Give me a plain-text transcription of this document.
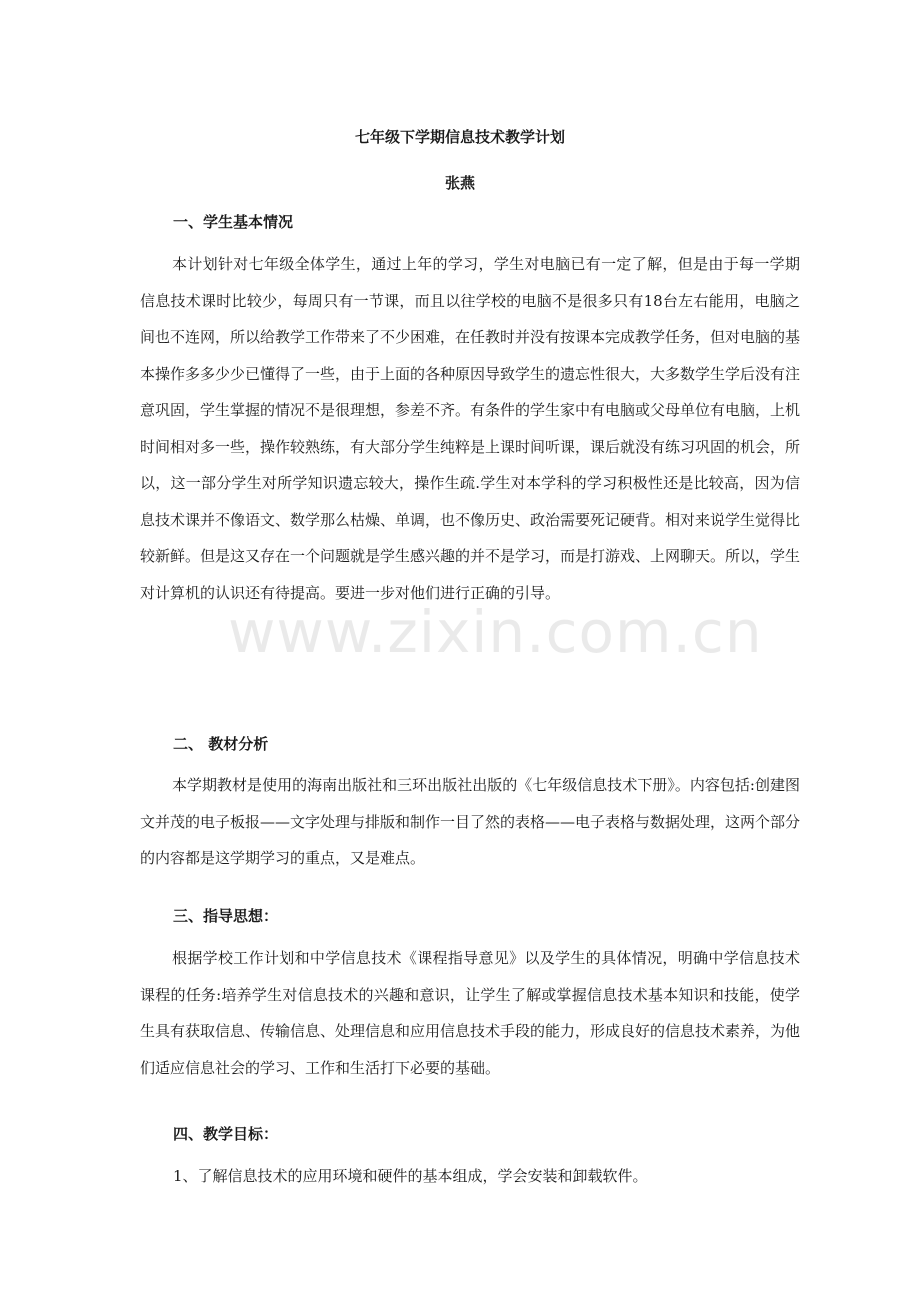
www.zixin.com.cn
七年级下学期信息技术教学计划
张燕
一、学生基本情况

本计划针对七年级全体学生，通过上年的学习，学生对电脑已有一定了解，但是由于每一学期信息技术课时比较少，每周只有一节课，而且以往学校的电脑不是很多只有18台左右能用，电脑之间也不连网，所以给教学工作带来了不少困难，在任教时并没有按课本完成教学任务，但对电脑的基本操作多多少少已懂得了一些，由于上面的各种原因导致学生的遗忘性很大，大多数学生学后没有注意巩固，学生掌握的情况不是很理想，参差不齐。有条件的学生家中有电脑或父母单位有电脑，上机时间相对多一些，操作较熟练，有大部分学生纯粹是上课时间听课，课后就没有练习巩固的机会，所以，这一部分学生对所学知识遗忘较大，操作生疏.学生对本学科的学习积极性还是比较高，因为信息技术课并不像语文、数学那么枯燥、单调，也不像历史、政治需要死记硬背。相对来说学生觉得比较新鲜。但是这又存在一个问题就是学生感兴趣的并不是学习，而是打游戏、上网聊天。所以，学生对计算机的认识还有待提高。要进一步对他们进行正确的引导。

二、 教材分析

本学期教材是使用的海南出版社和三环出版社出版的《七年级信息技术下册》。内容包括:创建图文并茂的电子板报——文字处理与排版和制作一目了然的表格——电子表格与数据处理，这两个部分的内容都是这学期学习的重点，又是难点。

三、指导思想：

根据学校工作计划和中学信息技术《课程指导意见》以及学生的具体情况，明确中学信息技术课程的任务:培养学生对信息技术的兴趣和意识，让学生了解或掌握信息技术基本知识和技能，使学生具有获取信息、传输信息、处理信息和应用信息技术手段的能力，形成良好的信息技术素养，为他们适应信息社会的学习、工作和生活打下必要的基础。

四、教学目标：
1、了解信息技术的应用环境和硬件的基本组成，学会安装和卸载软件。
